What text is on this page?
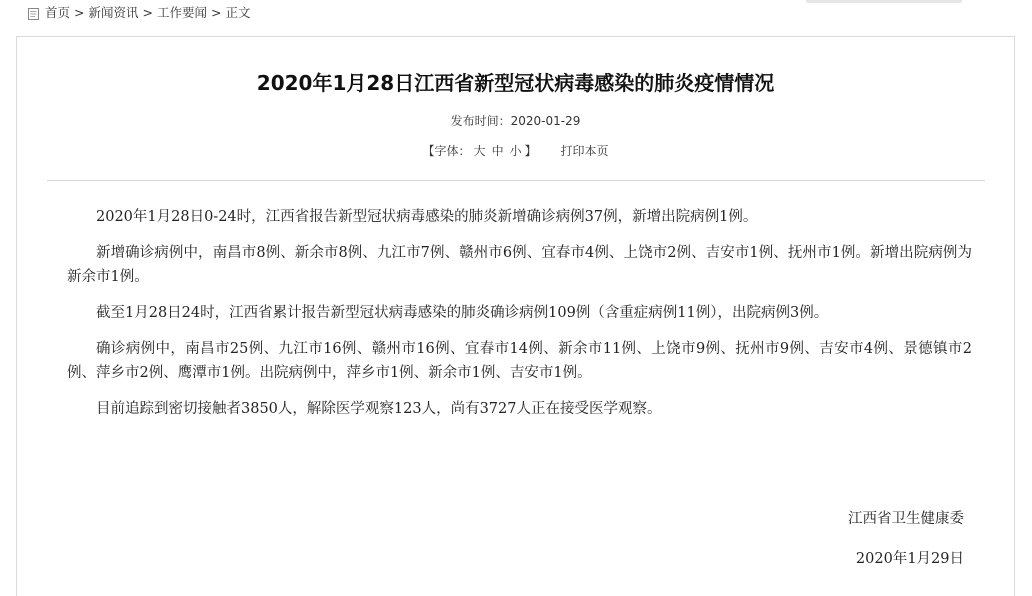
首页 > 新闻资讯 > 工作要闻 > 正文
2020年1月28日江西省新型冠状病毒感染的肺炎疫情情况
发布时间：2020-01-29
【字体： 大 中 小 】 打印本页

2020年1月28日0-24时，江西省报告新型冠状病毒感染的肺炎新增确诊病例37例，新增出院病例1例。

新增确诊病例中，南昌市8例、新余市8例、九江市7例、赣州市6例、宜春市4例、上饶市2例、吉安市1例、抚州市1例。新增出院病例为新余市1例。

截至1月28日24时，江西省累计报告新型冠状病毒感染的肺炎确诊病例109例（含重症病例11例），出院病例3例。

确诊病例中，南昌市25例、九江市16例、赣州市16例、宜春市14例、新余市11例、上饶市9例、抚州市9例、吉安市4例、景德镇市2例、萍乡市2例、鹰潭市1例。出院病例中，萍乡市1例、新余市1例、吉安市1例。

目前追踪到密切接触者3850人，解除医学观察123人，尚有3727人正在接受医学观察。

江西省卫生健康委
2020年1月29日
